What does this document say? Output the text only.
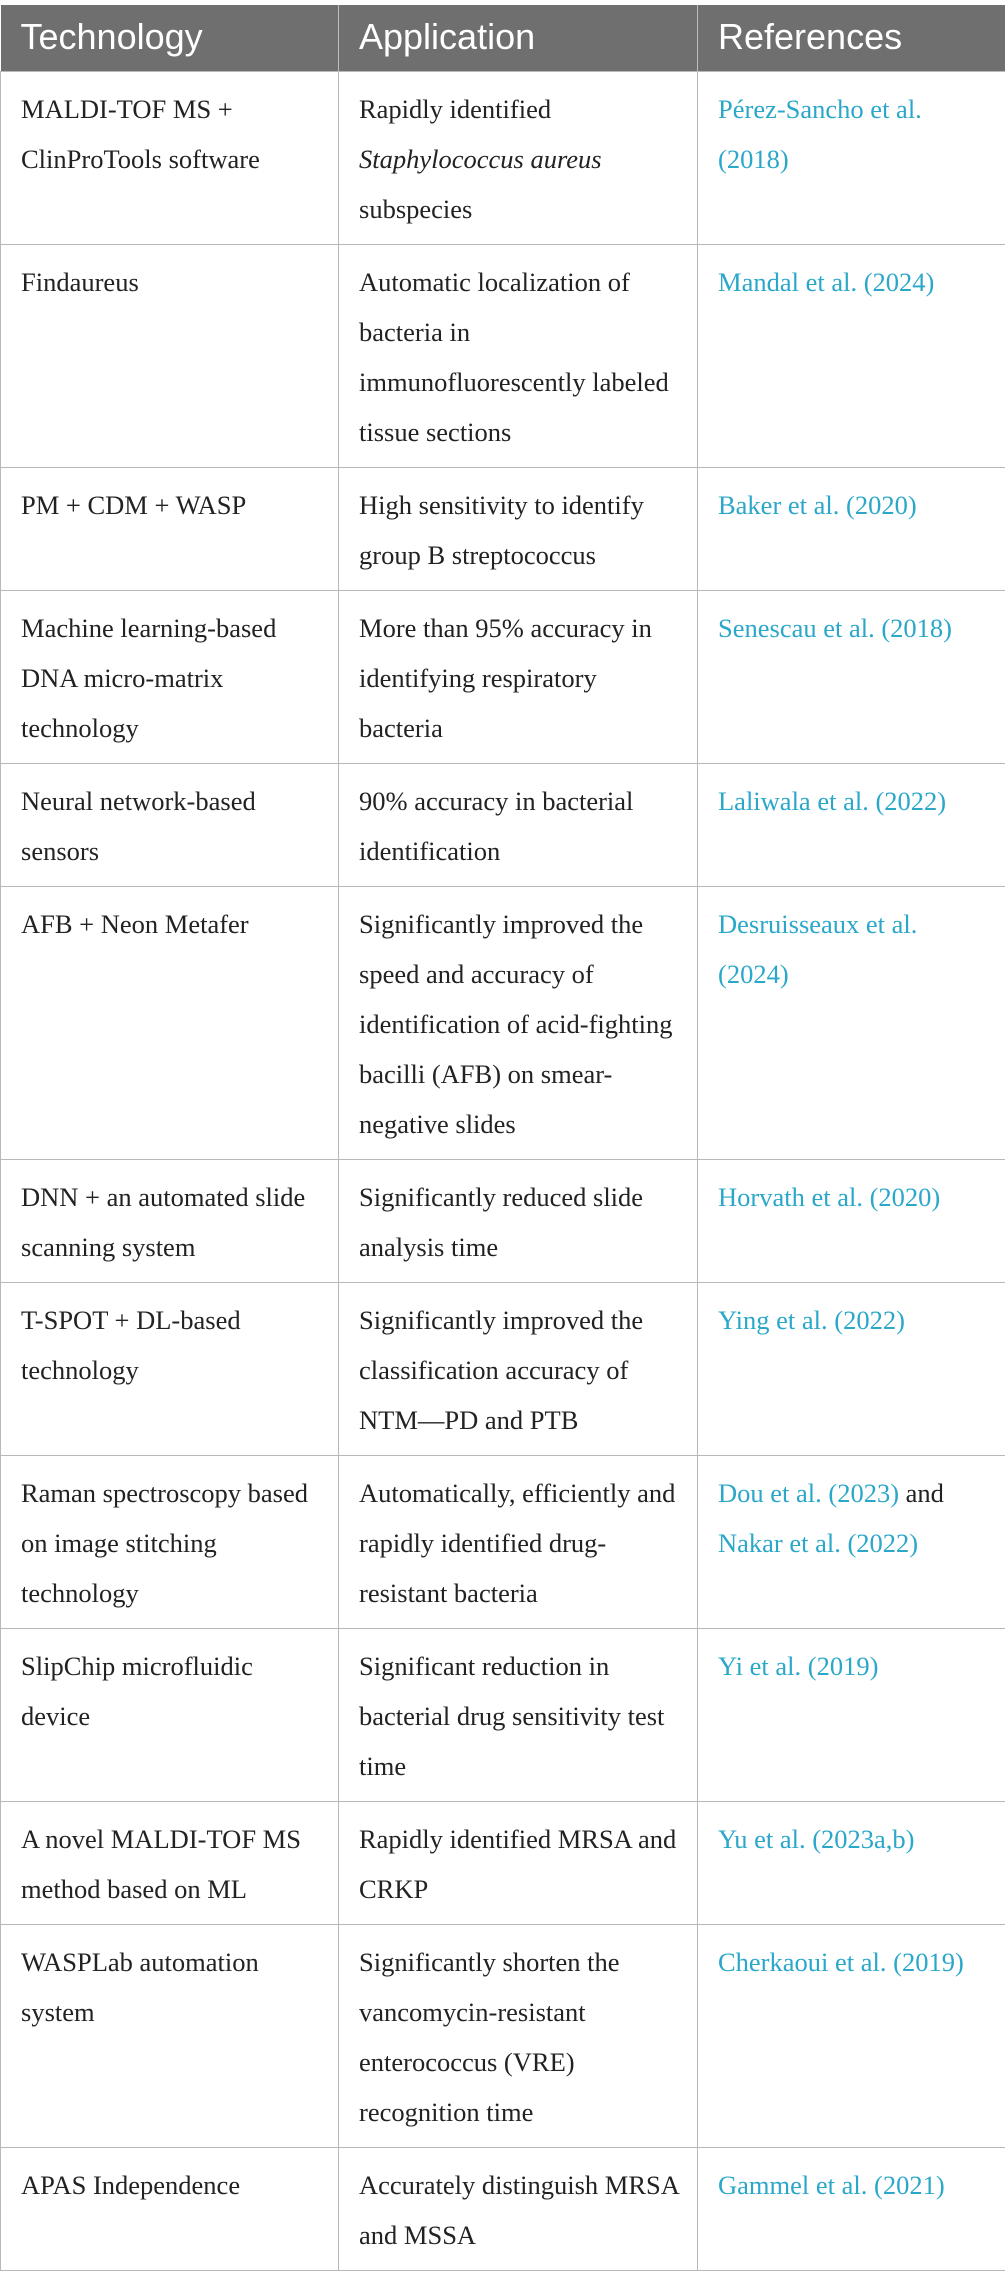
Technology	Application	References
MALDI-TOF MS + ClinProTools software	Rapidly identified Staphylococcus aureus subspecies	Pérez-Sancho et al. (2018)
Findaureus	Automatic localization of bacteria in immunofluorescently labeled tissue sections	Mandal et al. (2024)
PM + CDM + WASP	High sensitivity to identify group B streptococcus	Baker et al. (2020)
Machine learning-based DNA micro-matrix technology	More than 95% accuracy in identifying respiratory bacteria	Senescau et al. (2018)
Neural network-based sensors	90% accuracy in bacterial identification	Laliwala et al. (2022)
AFB + Neon Metafer	Significantly improved the speed and accuracy of identification of acid-fighting bacilli (AFB) on smear-negative slides	Desruisseaux et al. (2024)
DNN + an automated slide scanning system	Significantly reduced slide analysis time	Horvath et al. (2020)
T-SPOT + DL-based technology	Significantly improved the classification accuracy of NTM—PD and PTB	Ying et al. (2022)
Raman spectroscopy based on image stitching technology	Automatically, efficiently and rapidly identified drug-resistant bacteria	Dou et al. (2023) and Nakar et al. (2022)
SlipChip microfluidic device	Significant reduction in bacterial drug sensitivity test time	Yi et al. (2019)
A novel MALDI-TOF MS method based on ML	Rapidly identified MRSA and CRKP	Yu et al. (2023a,b)
WASPLab automation system	Significantly shorten the vancomycin-resistant enterococcus (VRE) recognition time	Cherkaoui et al. (2019)
APAS Independence	Accurately distinguish MRSA and MSSA	Gammel et al. (2021)
